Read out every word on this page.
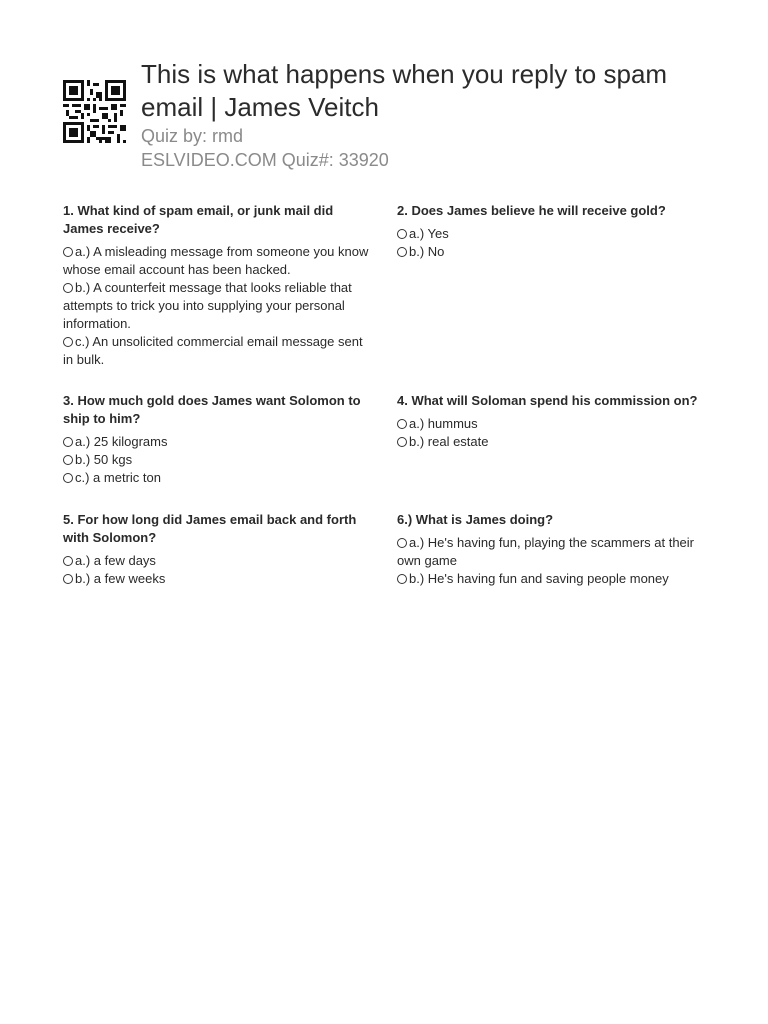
This is what happens when you reply to spam email | James Veitch

Quiz by: rmd

ESLVIDEO.COM Quiz#: 33920

1. What kind of spam email, or junk mail did James receive?

a.) A misleading message from someone you know whose email account has been hacked.
b.) A counterfeit message that looks reliable that attempts to trick you into supplying your personal information.
c.) An unsolicited commercial email message sent in bulk.

2. Does James believe he will receive gold?

a.) Yes
b.) No

3. How much gold does James want Solomon to ship to him?

a.) 25 kilograms
b.) 50 kgs
c.) a metric ton

4. What will Soloman spend his commission on?

a.) hummus
b.) real estate

5. For how long did James email back and forth with Solomon?

a.) a few days
b.) a few weeks

6.) What is James doing?

a.) He's having fun, playing the scammers at their own game
b.) He's having fun and saving people money
